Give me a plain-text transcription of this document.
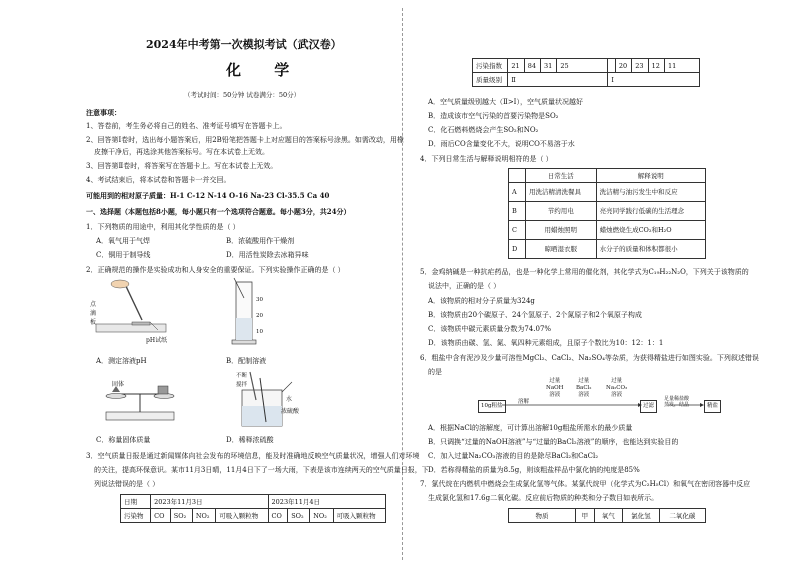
2024年中考第一次模拟考试（武汉卷）
化 学
（考试时间：50分钟 试卷满分：50分）
注意事项：
1、答卷前，考生务必将自己的姓名、准考证号填写在答题卡上。
2、回答第Ⅰ卷时，选出每小题答案后，用2B铅笔把答题卡上对应题目的答案标号涂黑。如需改动，用橡
皮擦干净后，再选涂其他答案标号。写在本试卷上无效。
3、回答第Ⅱ卷时，将答案写在答题卡上。写在本试卷上无效。
4、考试结束后，将本试卷和答题卡一并交回。
可能用到的相对原子质量：H-1 C-12 N-14 O-16 Na-23 Cl-35.5 Ca 40
一、选择题（本题包括8小题，每小题只有一个选项符合题意。每小题3分，共24分）
1．下列物质的用途中，利用其化学性质的是（ ）
A．氧气用于气焊	B．浓硫酸用作干燥剂
C．铜用于制导线	D．用活性炭除去冰箱异味
2．正确规范的操作是实验成功和人身安全的重要保证。下列实验操作正确的是（ ）
点
滴
板
pH试纸
30
20
10
A．测定溶液pH	B．配制溶液
固体
不断
搅拌
水
浓硫酸
C．称量固体质量	D．稀释浓硫酸
3．空气质量日报是通过新闻媒体向社会发布的环境信息，能及时准确地反映空气质量状况，增强人们对环境
的关注，提高环保意识。某市11月3日晴，11月4日下了一场大雨，下表是该市连续两天的空气质量日报，下
列说法错误的是（ ）
日期	2023年11月3日				2023年11月4日			
污染物	CO	SO₂	NO₂	可吸入颗粒物	CO	SO₂	NO₂	可吸入颗粒物
污染指数	21	84	31	25		20	23	12	11
质量级别	Ⅱ				Ⅰ				
A．空气质量级别越大（Ⅱ>Ⅰ），空气质量状况越好
B．造成该市空气污染的首要污染物是SO₂
C．化石燃料燃烧会产生SO₂和NO₂
D．雨后CO含量变化不大，说明CO不易溶于水
4．下列日常生活与解释说明相符的是（ ）
	日常生活	解释说明
A	用洗洁精清洗餐具	洗洁精与油污发生中和反应
B	节约用电	亮亮同学践行低碳的生活理念
C	用蜡烛照明	蜡烛燃烧生成CO₂和H₂O
D	晾晒湿衣服	水分子的质量和体积都很小
5．金鸡纳碱是一种抗疟药品，也是一种化学上常用的催化剂，其化学式为C₁₉H₂₂N₂O，下列关于该物质的
说法中，正确的是（ ）
A．该物质的相对分子质量为324g
B．该物质由20个碳原子、24个氢原子、2个氮原子和2个氧原子构成
C．该物质中碳元素质量分数为74.07%
D．该物质由碳、氢、氮、氧四种元素组成，且原子个数比为10：12：1：1
6．粗盐中含有泥沙及少量可溶性MgCl₂、CaCl₂、Na₂SO₄等杂质，为获得精盐进行如图实验。下列叙述错误
的是
10g粗盐
溶解
过量
NaOH
溶液
过量
BaCl₂
溶液
过量
Na₂CO₃
溶液
过滤
足量稀盐酸
蒸发，结晶	精盐
A．根据NaCl的溶解度，可计算出溶解10g粗盐所需水的最少质量
B．只调换“过量的NaOH溶液”与“过量的BaCl₂溶液”的顺序，也能达到实验目的
C．加入过量Na₂CO₃溶液的目的是除尽BaCl₂和CaCl₂
D．若称得精盐的质量为8.5g，则该粗盐样品中氯化钠的纯度是85%
7．氯代烷在内燃机中燃烧会生成氯化氢等气体。某氯代烷甲（化学式为C₂H₅Cl）和氧气在密闭容器中反应
生成氯化氢和17.6g二氧化碳。反应前后物质的种类和分子数目如表所示。
物质	甲	氧气	氯化氢	二氧化碳
